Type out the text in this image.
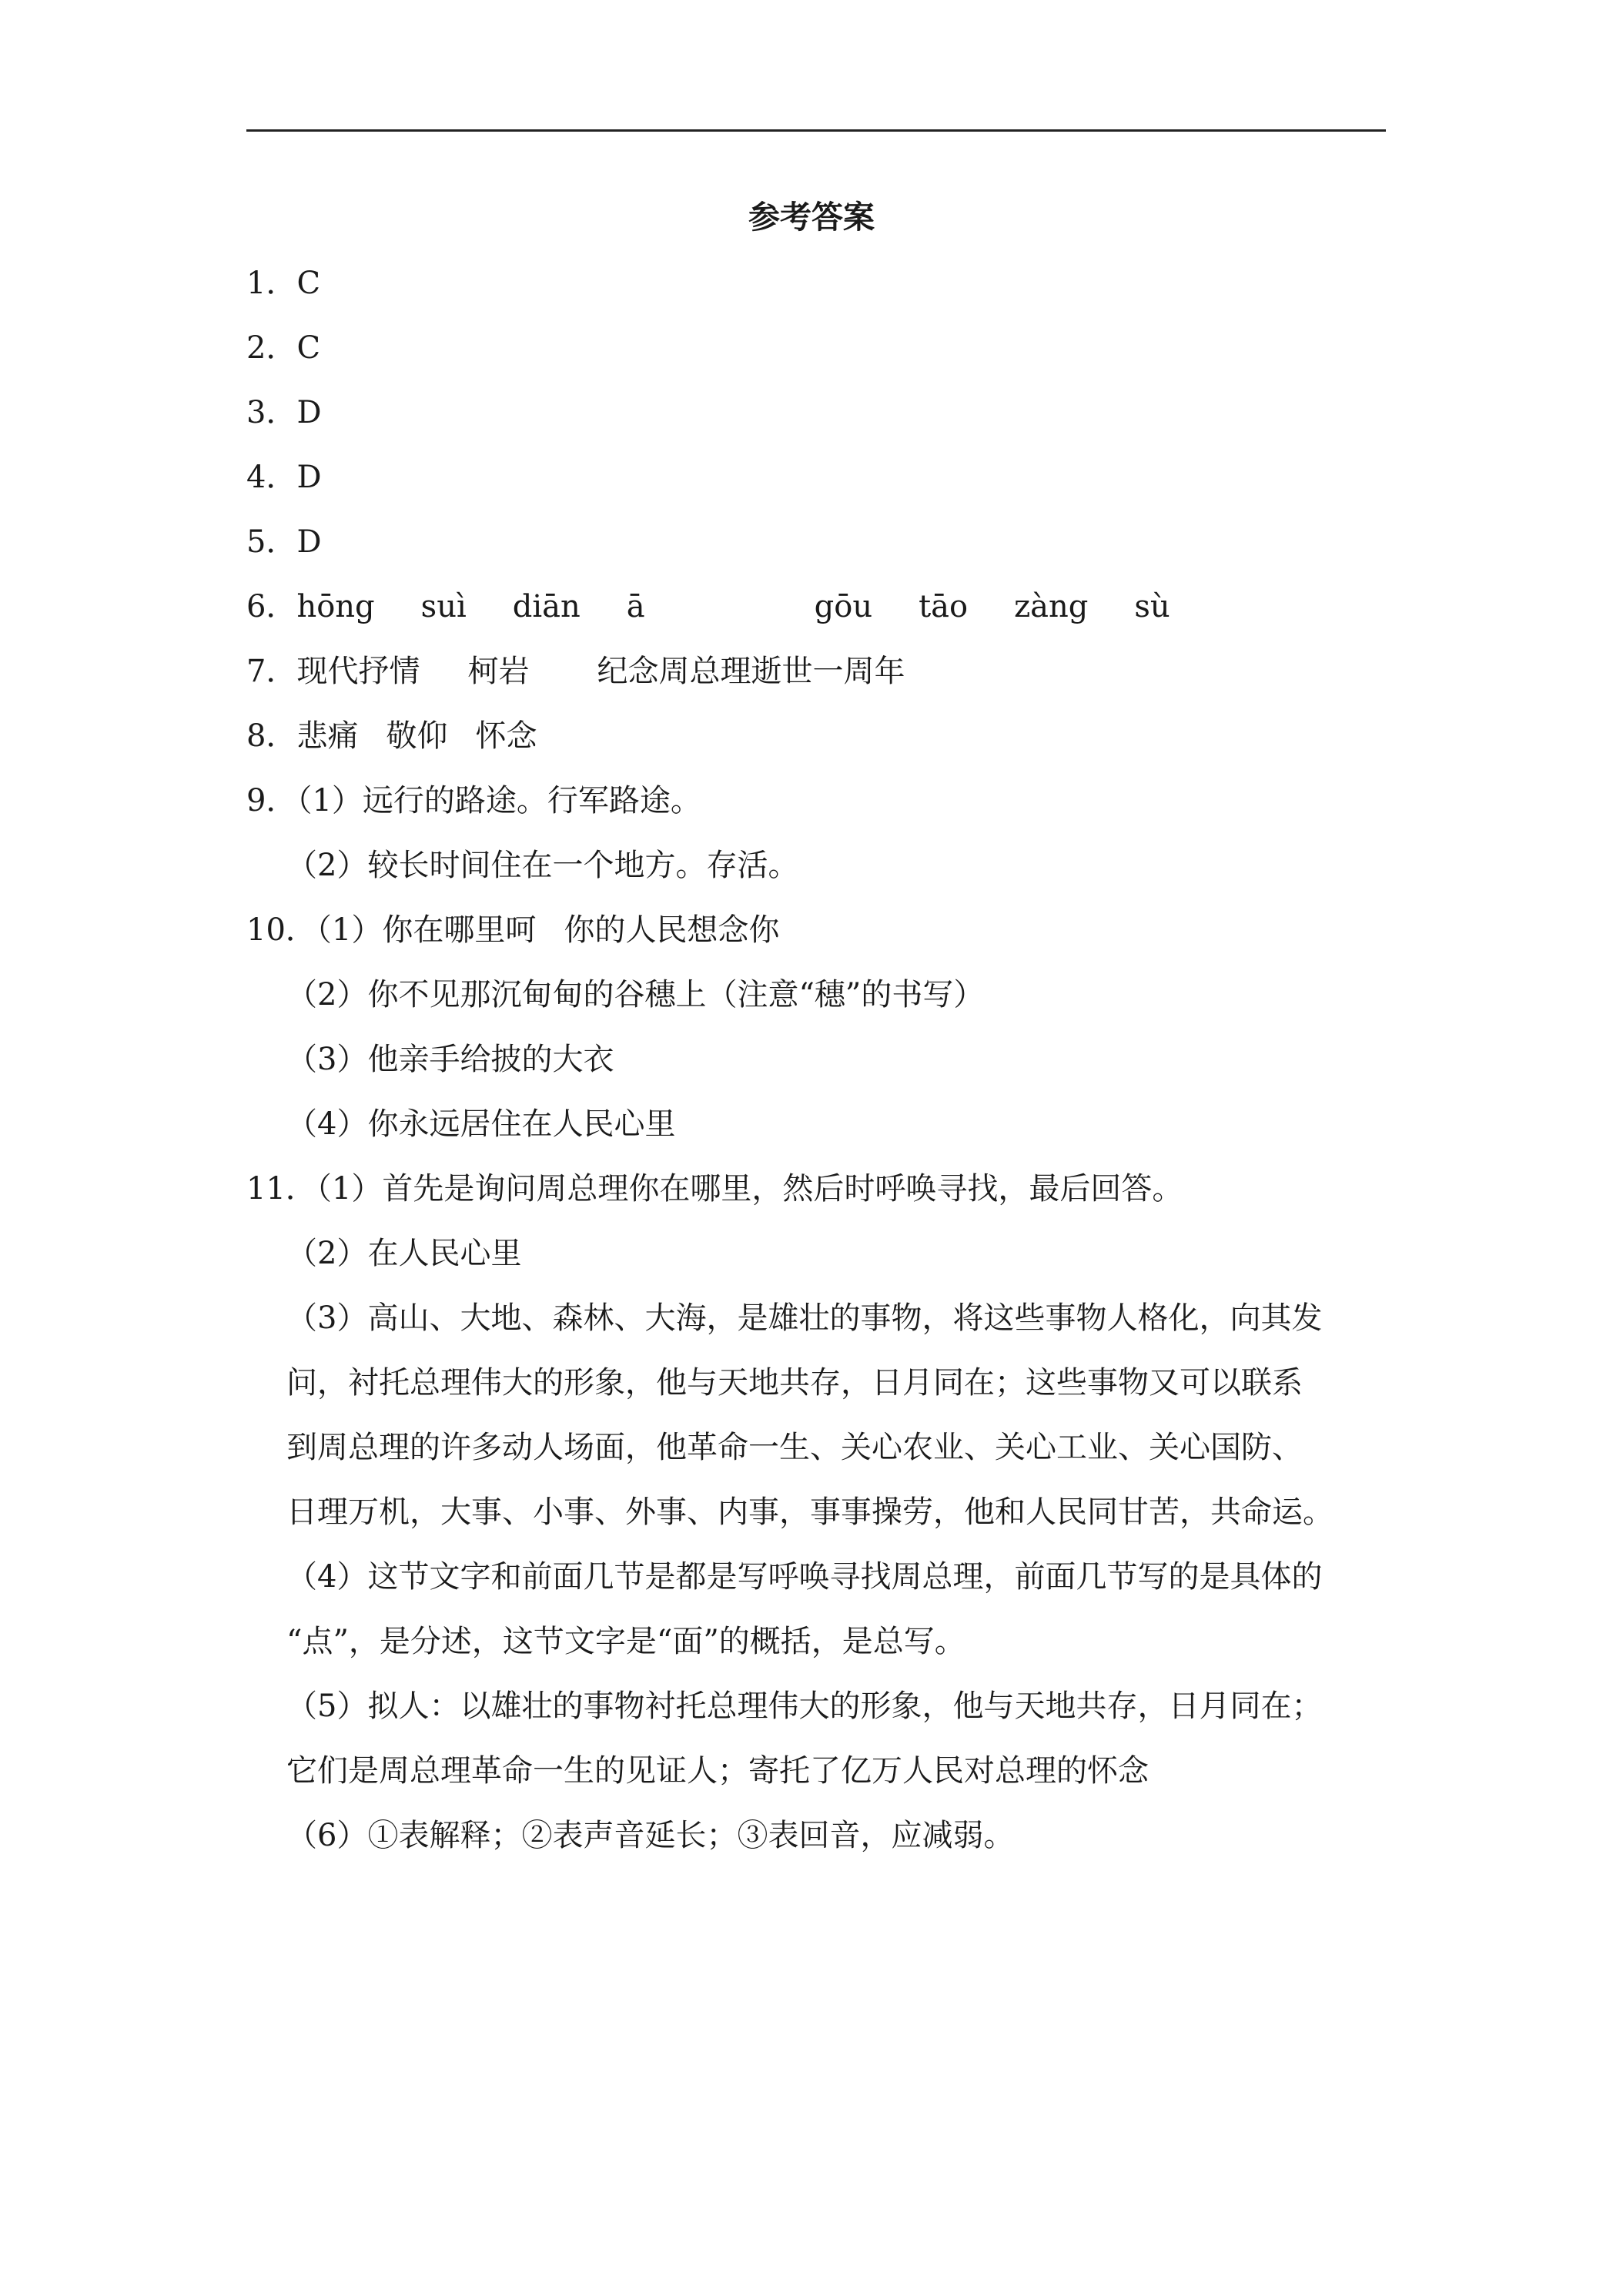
参考答案
1．C
2．C
3．D
4．D
5．D
6．hōng suì diān ā	gōu tāo zàng sù
7．现代抒情 柯岩 纪念周总理逝世一周年
8．悲痛 敬仰 怀念
9．（1）远行的路途。行军路途。
（2）较长时间住在一个地方。存活。
10．（1）你在哪里呵 你的人民想念你
（2）你不见那沉甸甸的谷穗上（注意“穗”的书写）
（3）他亲手给披的大衣
（4）你永远居住在人民心里
11．（1）首先是询问周总理你在哪里，然后时呼唤寻找，最后回答。
（2）在人民心里
（3）高山、大地、森林、大海，是雄壮的事物，将这些事物人格化，向其发
问，衬托总理伟大的形象，他与天地共存，日月同在；这些事物又可以联系
到周总理的许多动人场面，他革命一生、关心农业、关心工业、关心国防、
日理万机，大事、小事、外事、内事，事事操劳，他和人民同甘苦，共命运。
（4）这节文字和前面几节是都是写呼唤寻找周总理，前面几节写的是具体的
“点”，是分述，这节文字是“面”的概括，是总写。
（5）拟人：以雄壮的事物衬托总理伟大的形象，他与天地共存，日月同在；
它们是周总理革命一生的见证人；寄托了亿万人民对总理的怀念
（6）①表解释；②表声音延长；③表回音，应减弱。
